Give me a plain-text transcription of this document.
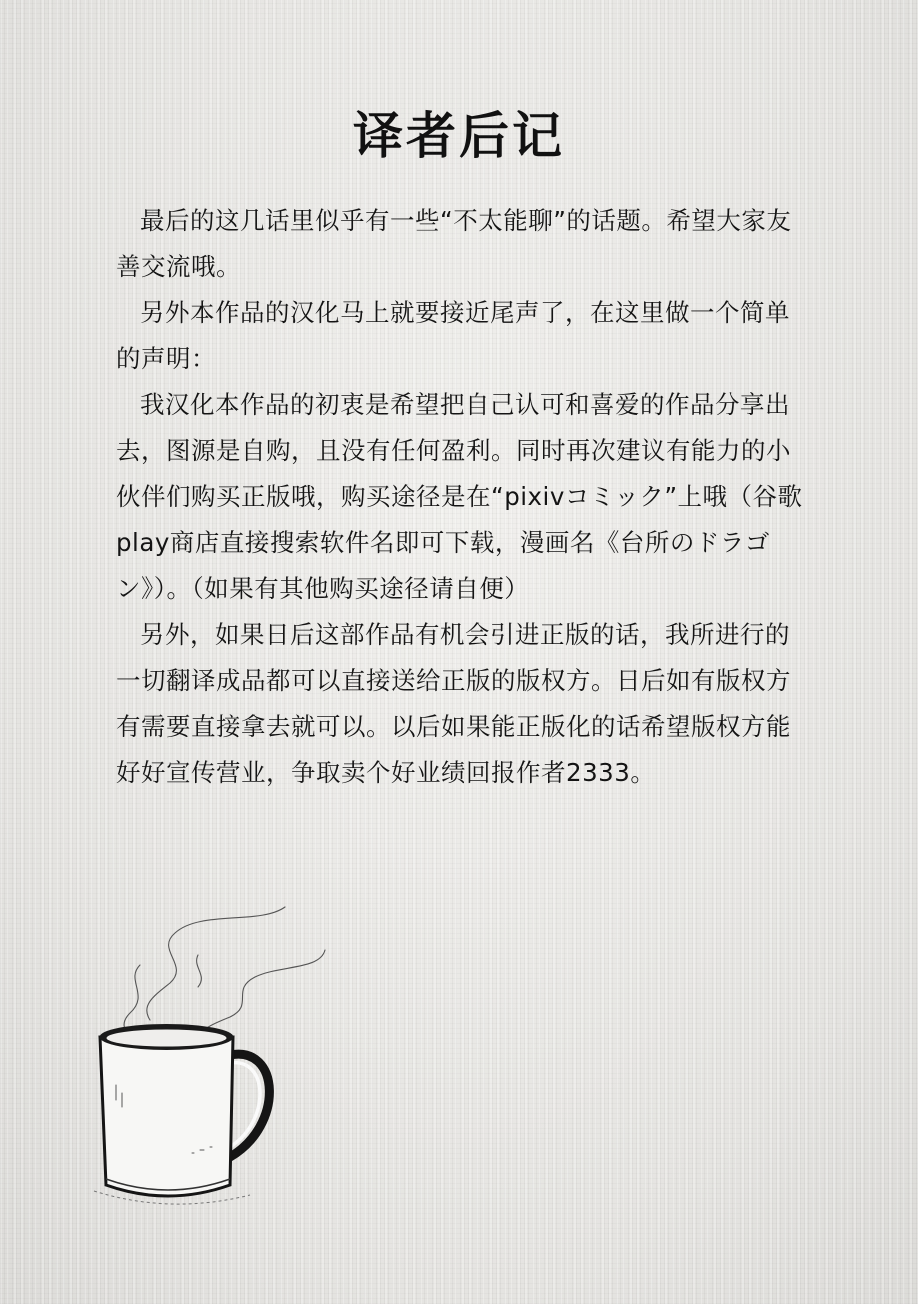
译者后记

最后的这几话里似乎有一些“不太能聊”的话题。希望大家友善交流哦。

另外本作品的汉化马上就要接近尾声了，在这里做一个简单的声明：

我汉化本作品的初衷是希望把自己认可和喜爱的作品分享出去，图源是自购，且没有任何盈利。同时再次建议有能力的小伙伴们购买正版哦，购买途径是在“pixivコミック”上哦（谷歌play商店直接搜索软件名即可下载，漫画名《台所のドラゴン》）。（如果有其他购买途径请自便）

另外，如果日后这部作品有机会引进正版的话，我所进行的一切翻译成品都可以直接送给正版的版权方。日后如有版权方有需要直接拿去就可以。以后如果能正版化的话希望版权方能好好宣传营业，争取卖个好业绩回报作者2333。
